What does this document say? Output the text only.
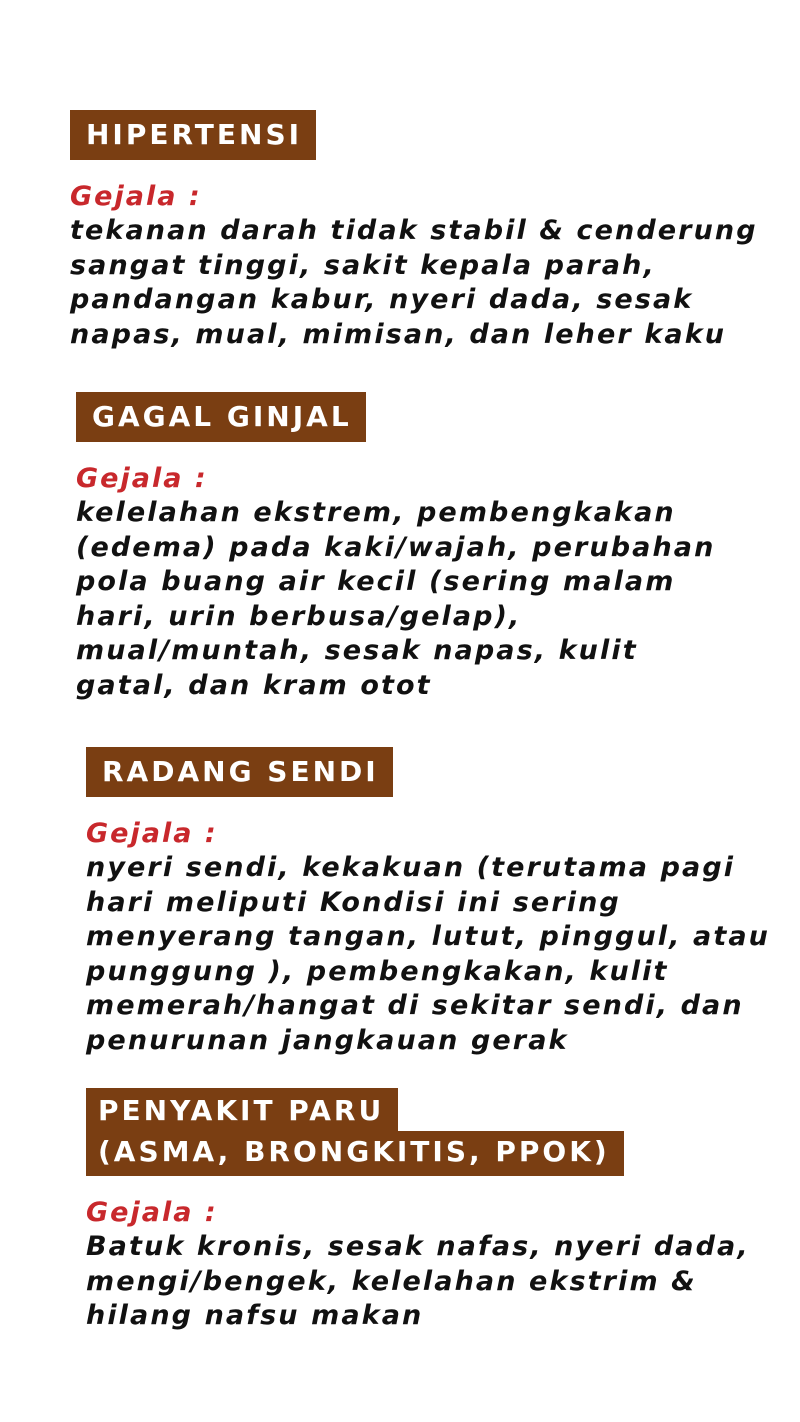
HIPERTENSI
Gejala :

tekanan darah tidak stabil & cenderung
sangat tinggi, sakit kepala parah,
pandangan kabur, nyeri dada, sesak
napas, mual, mimisan, dan leher kaku

GAGAL GINJAL
Gejala :

kelelahan ekstrem, pembengkakan
(edema) pada kaki/wajah, perubahan
pola buang air kecil (sering malam
hari, urin berbusa/gelap),
mual/muntah, sesak napas, kulit
gatal, dan kram otot

RADANG SENDI
Gejala :

nyeri sendi, kekakuan (terutama pagi
hari meliputi Kondisi ini sering
menyerang tangan, lutut, pinggul, atau
punggung ), pembengkakan, kulit
memerah/hangat di sekitar sendi, dan
penurunan jangkauan gerak

PENYAKIT PARU
(ASMA, BRONGKITIS, PPOK)
Gejala :

Batuk kronis, sesak nafas, nyeri dada,
mengi/bengek, kelelahan ekstrim &
hilang nafsu makan
